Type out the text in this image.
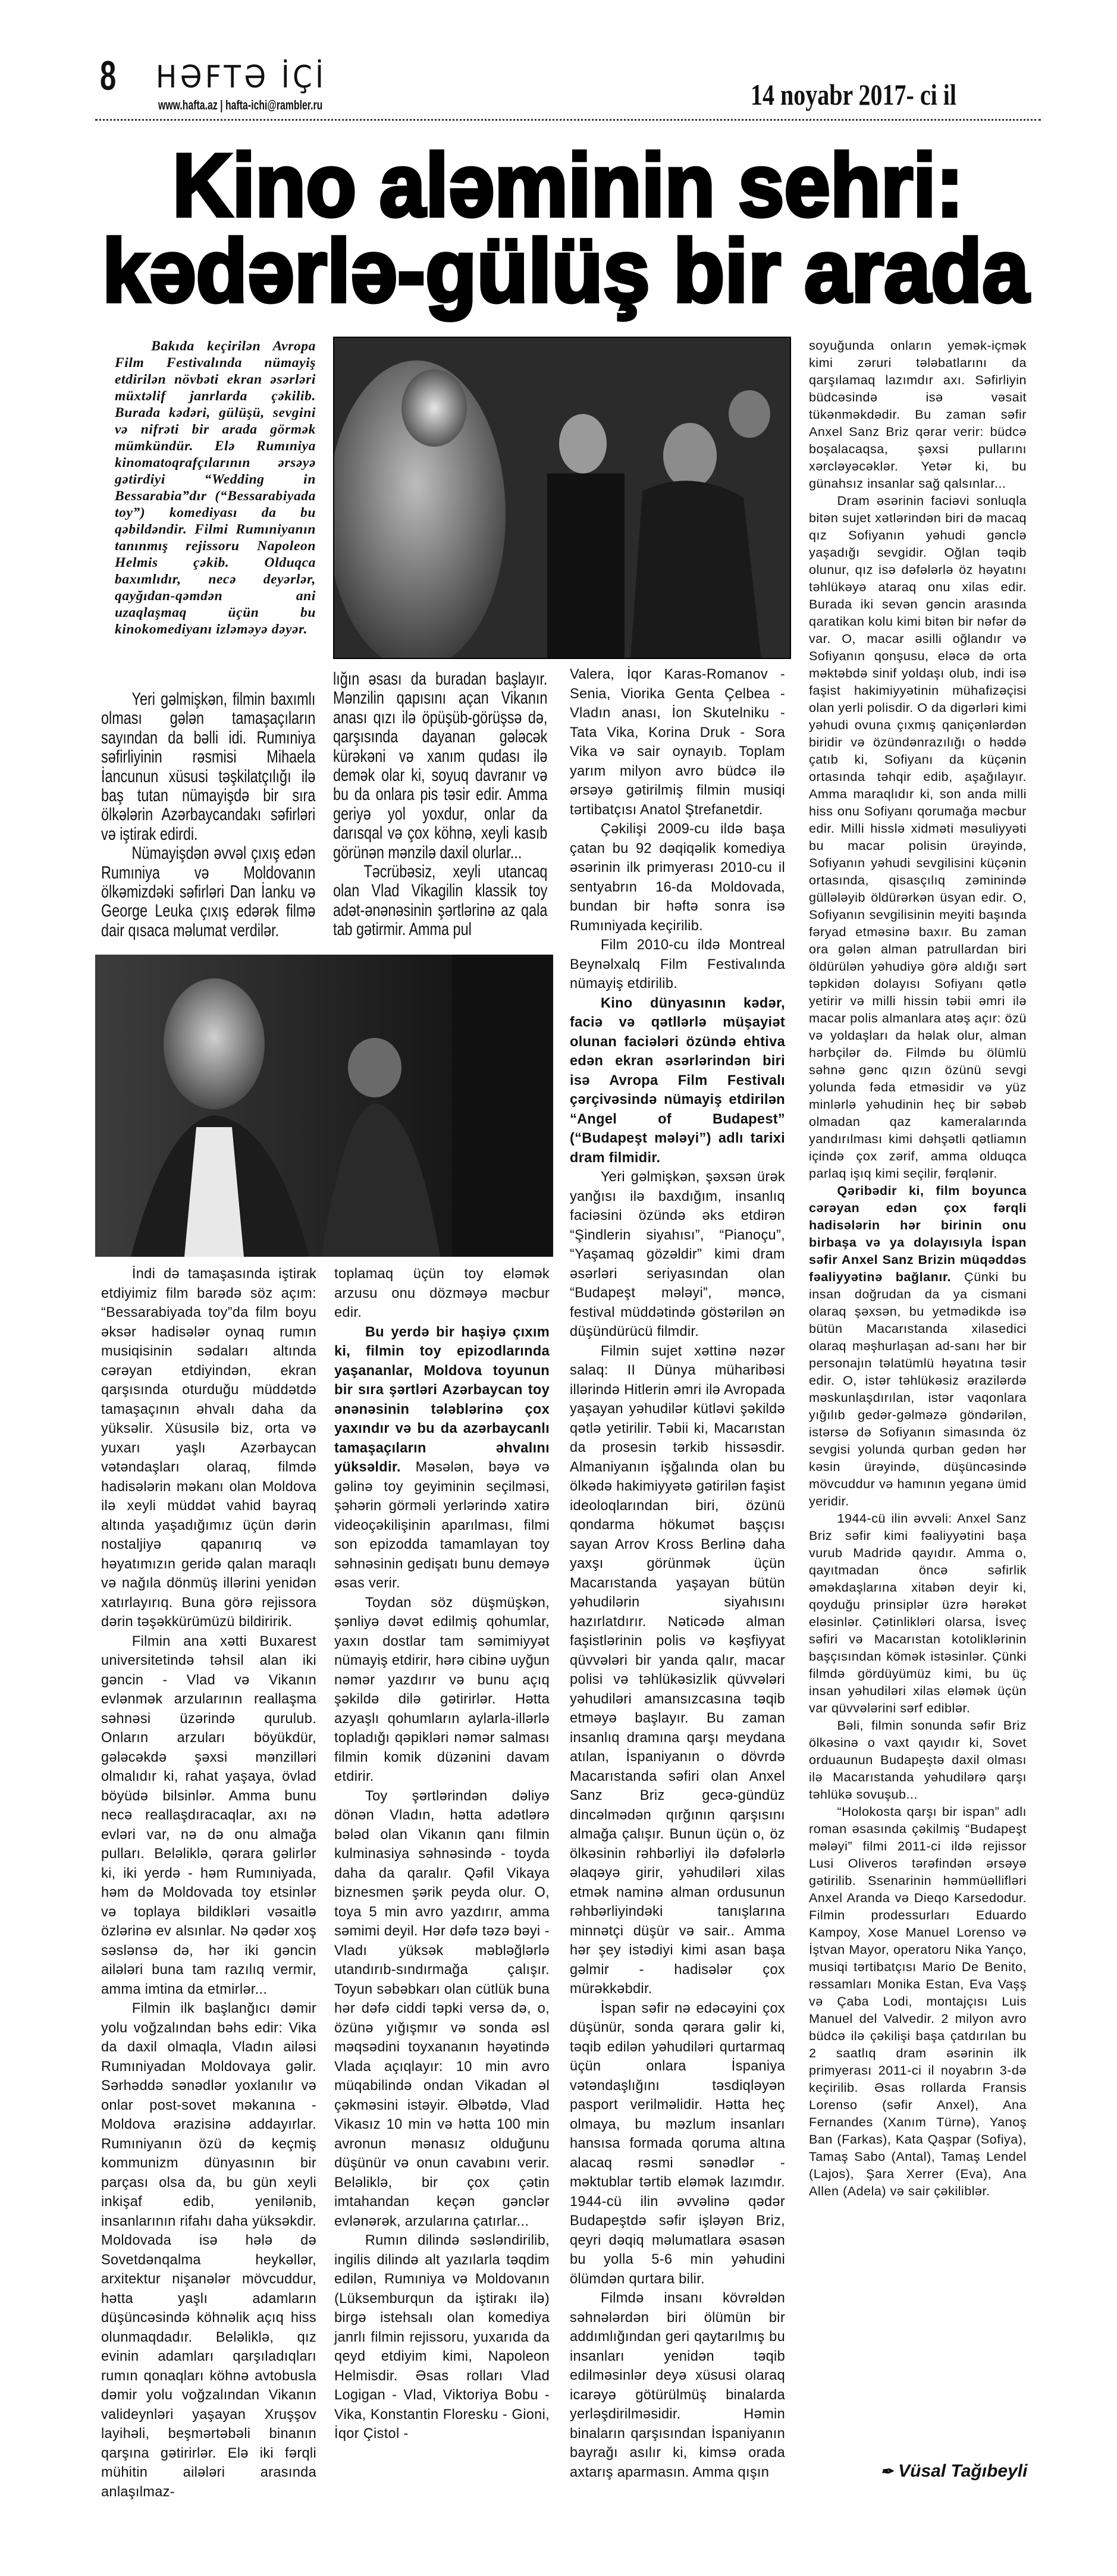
8 HƏFTƏ İÇİ
www.hafta.az | hafta-ichi@rambler.ru	14 noyabr 2017- ci il
Kino aləminin sehri:
kədərlə-gülüş bir arada

Bakıda keçirilən Avropa Film Festivalında nümayiş etdirilən növbəti ekran əsərləri müxtəlif janrlarda çəkilib. Burada kədəri, gülüşü, sevgini və nifrəti bir arada görmək mümkündür. Elə Rumıniya kinomatoqrafçılarının ərsəyə gətirdiyi “Wedding in Bessarabia”dır (“Bessarabiyada toy”) komediyası da bu qəbildəndir. Filmi Rumıniyanın tanınmış rejissoru Napoleon Helmis çəkib. Olduqca baxımlıdır, necə deyərlər, qayğıdan-qəmdən ani uzaqlaşmaq üçün bu kinokomediyanı izləməyə dəyər.

Yeri gəlmişkən, filmin baxımlı olması gələn tamaşaçıların sayından da bəlli idi. Rumıniya səfirliyinin rəsmisi Mihaela İancunun xüsusi təşkilatçılığı ilə baş tutan nümayişdə bir sıra ölkələrin Azərbaycandakı səfirləri və iştirak edirdi.

Nümayişdən əvvəl çıxış edən Rumıniya və Moldovanın ölkəmizdəki səfirləri Dan İanku və George Leuka çıxış edərək filmə dair qısaca məlumat verdilər.

lığın əsası da buradan başlayır. Mənzilin qapısını açan Vikanın anası qızı ilə öpüşüb-görüşsə də, qarşısında dayanan gələcək kürəkəni və xanım qudası ilə demək olar ki, soyuq davranır və bu da onlara pis təsir edir. Amma geriyə yol yoxdur, onlar da darısqal və çox köhnə, xeyli kasıb görünən mənzilə daxil olurlar...

Təcrübəsiz, xeyli utancaq olan Vlad Vikagilin klassik toy adət-ənənəsinin şərtlərinə az qala tab gətirmir. Amma pul

İndi də tamaşasında iştirak etdiyimiz film barədə söz açım: “Bessarabiyada toy”da film boyu əksər hadisələr oynaq rumın musiqisinin sədaları altında cərəyan etdiyindən, ekran qarşısında oturduğu müddətdə tamaşaçının əhvalı daha da yüksəlir. Xüsusilə biz, orta və yuxarı yaşlı Azərbaycan vətəndaşları olaraq, filmdə hadisələrin məkanı olan Moldova ilə xeyli müddət vahid bayraq altında yaşadığımız üçün dərin nostaljiyə qapanırıq və həyatımızın geridə qalan maraqlı və nağıla dönmüş illərini yenidən xatırlayırıq. Buna görə rejissora dərin təşəkkürümüzü bildiririk.

Filmin ana xətti Buxarest universitetində təhsil alan iki gəncin - Vlad və Vikanın evlənmək arzularının reallaşma səhnəsi üzərində qurulub. Onların arzuları böyükdür, gələcəkdə şəxsi mənzilləri olmalıdır ki, rahat yaşaya, övlad böyüdə bilsinlər. Amma bunu necə reallaşdıracaqlar, axı nə evləri var, nə də onu almağa pulları. Beləliklə, qərara gəlirlər ki, iki yerdə - həm Rumıniyada, həm də Moldovada toy etsinlər və toplaya bildikləri vəsaitlə özlərinə ev alsınlar. Nə qədər xoş səslənsə də, hər iki gəncin ailələri buna tam razılıq vermir, amma imtina da etmirlər...

Filmin ilk başlanğıcı dəmir yolu voğzalından bəhs edir: Vika da daxil olmaqla, Vladın ailəsi Rumıniyadan Moldovaya gəlir. Sərhəddə sənədlər yoxlanılır və onlar post-sovet məkanına - Moldova ərazisinə addayırlar. Rumıniyanın özü də keçmiş kommunizm dünyasının bir parçası olsa da, bu gün xeyli inkişaf edib, yenilənib, insanlarının rifahı daha yüksəkdir. Moldovada isə hələ də Sovetdənqalma heykəllər, arxitektur nişanələr mövcuddur, hətta yaşlı adamların düşüncəsində köhnəlik açıq hiss olunmaqdadır. Beləliklə, qız evinin adamları qarşıladıqları rumın qonaqları köhnə avtobusla dəmir yolu voğzalından Vikanın valideynləri yaşayan Xruşşov layihəli, beşmərtəbəli binanın qarşına gətirirlər. Elə iki fərqli mühitin ailələri arasında anlaşılmaz-

toplamaq üçün toy eləmək arzusu onu dözməyə məcbur edir.

Bu yerdə bir haşiyə çıxım ki, filmin toy epizodlarında yaşananlar, Moldova toyunun bir sıra şərtləri Azərbaycan toy ənənəsinin tələblərinə çox yaxındır və bu da azərbaycanlı tamaşaçıların əhvalını yüksəldir. Məsələn, bəyə və gəlinə toy geyiminin seçilməsi, şəhərin görməli yerlərində xatirə videoçəkilişinin aparılması, filmi son epizodda tamamlayan toy səhnəsinin gedişatı bunu deməyə əsas verir.

Toydan söz düşmüşkən, şənliyə dəvət edilmiş qohumlar, yaxın dostlar tam səmimiyyət nümayiş etdirir, hərə cibinə uyğun nəmər yazdırır və bunu açıq şəkildə dilə gətirirlər. Hətta azyaşlı qohumların aylarla-illərlə topladığı qəpikləri nəmər salması filmin komik düzənini davam etdirir.

Toy şərtlərindən dəliyə dönən Vladın, hətta adətlərə bələd olan Vikanın qanı filmin kulminasiya səhnəsində - toyda daha da qaralır. Qəfil Vikaya biznesmen şərik peyda olur. O, toya 5 min avro yazdırır, amma səmimi deyil. Hər dəfə təzə bəyi - Vladı yüksək məbləğlərlə utandırıb-sındırmağa çalışır. Toyun səbəbkarı olan cütlük buna hər dəfə ciddi təpki versə də, o, özünə yığışmır və sonda əsl məqsədini toyxananın həyətində Vlada açıqlayır: 10 min avro müqabilində ondan Vikadan əl çəkməsini istəyir. Əlbətdə, Vlad Vikasız 10 min və hətta 100 min avronun mənasız olduğunu düşünür və onun cavabını verir. Beləliklə, bir çox çətin imtahandan keçən gənclər evlənərək, arzularına çatırlar...

Rumın dilində səsləndirilib, ingilis dilində alt yazılarla təqdim edilən, Rumıniya və Moldovanın (Lüksemburqun da iştirakı ilə) birgə istehsalı olan komediya janrlı filmin rejissoru, yuxarıda da qeyd etdiyim kimi, Napoleon Helmisdir. Əsas rolları Vlad Logigan - Vlad, Viktoriya Bobu - Vika, Konstantin Floresku - Gioni, İqor Çistol -

Valera, İqor Karas-Romanov - Senia, Viorika Genta Çelbea - Vladın anası, İon Skutelniku - Tata Vika, Korina Druk - Sora Vika və sair oynayıb. Toplam yarım milyon avro büdcə ilə ərsəyə gətirilmiş filmin musiqi tərtibatçısı Anatol Ştrefanetdir.

Çəkilişi 2009-cu ildə başa çatan bu 92 dəqiqəlik komediya əsərinin ilk primyerası 2010-cu il sentyabrın 16-da Moldovada, bundan bir həftə sonra isə Rumıniyada keçirilib.

Film 2010-cu ildə Montreal Beynəlxalq Film Festivalında nümayiş etdirilib.

Kino dünyasının kədər, faciə və qətllərlə müşayiət olunan faciələri özündə ehtiva edən ekran əsərlərindən biri isə Avropa Film Festivalı çərçivəsində nümayiş etdirilən “Angel of Budapest” (“Budapeşt mələyi”) adlı tarixi dram filmidir.

Yeri gəlmişkən, şəxsən ürək yanğısı ilə baxdığım, insanlıq faciəsini özündə əks etdirən “Şindlerin siyahısı”, “Pianoçu”, “Yaşamaq gözəldir” kimi dram əsərləri seriyasından olan “Budapeşt mələyi”, məncə, festival müddətində göstərilən ən düşündürücü filmdir.

Filmin sujet xəttinə nəzər salaq: II Dünya müharibəsi illərində Hitlerin əmri ilə Avropada yaşayan yəhudilər kütləvi şəkildə qətlə yetirilir. Təbii ki, Macarıstan da prosesin tərkib hissəsdir. Almaniyanın işğalında olan bu ölkədə hakimiyyətə gətirilən faşist ideoloqlarından biri, özünü qondarma hökumət başçısı sayan Arrov Kross Berlinə daha yaxşı görünmək üçün Macarıstanda yaşayan bütün yəhudilərin siyahısını hazırlatdırır. Nəticədə alman faşistlərinin polis və kəşfiyyat qüvvələri bir yanda qalır, macar polisi və təhlükəsizlik qüvvələri yəhudiləri amansızcasına təqib etməyə başlayır. Bu zaman insanlıq dramına qarşı meydana atılan, İspaniyanın o dövrdə Macarıstanda səfiri olan Anxel Sanz Briz gecə-gündüz dincəlmədən qırğının qarşısını almağa çalışır. Bunun üçün o, öz ölkəsinin rəhbərliyi ilə dəfələrlə əlaqəyə girir, yəhudiləri xilas etmək naminə alman ordusunun rəhbərliyindəki tanışlarına minnətçi düşür və sair.. Amma hər şey istədiyi kimi asan başa gəlmir - hadisələr çox mürəkkəbdir.

İspan səfir nə edəcəyini çox düşünür, sonda qərara gəlir ki, təqib edilən yəhudiləri qurtarmaq üçün onlara İspaniya vətəndaşlığını təsdiqləyən pasport verilməlidir. Hətta heç olmaya, bu məzlum insanları hansısa formada qoruma altına alacaq rəsmi sənədlər - məktublar tərtib eləmək lazımdır. 1944-cü ilin əvvəlinə qədər Budapeştdə səfir işləyən Briz, qeyri dəqiq məlumatlara əsasən bu yolla 5-6 min yəhudini ölümdən qurtara bilir.

Filmdə insanı kövrəldən səhnələrdən biri ölümün bir addımlığından geri qaytarılmış bu insanları yenidən təqib edilməsinlər deyə xüsusi olaraq icarəyə götürülmüş binalarda yerləşdirilməsidir. Həmin binaların qarşısından İspaniyanın bayrağı asılır ki, kimsə orada axtarış aparmasın. Amma qışın

soyuğunda onların yemək-içmək kimi zəruri tələbatlarını da qarşılamaq lazımdır axı. Səfirliyin büdcəsində isə vəsait tükənməkdədir. Bu zaman səfir Anxel Sanz Briz qərar verir: büdcə boşalacaqsa, şəxsi pullarını xərcləyəcəklər. Yetər ki, bu günahsız insanlar sağ qalsınlar...

Dram əsərinin faciəvi sonluqla bitən sujet xətlərindən biri də macaq qız Sofiyanın yəhudi gənclə yaşadığı sevgidir. Oğlan təqib olunur, qız isə dəfələrlə öz həyatını təhlükəyə ataraq onu xilas edir. Burada iki sevən gəncin arasında qaratikan kolu kimi bitən bir nəfər də var. O, macar əsilli oğlandır və Sofiyanın qonşusu, eləcə də orta məktəbdə sinif yoldaşı olub, indi isə faşist hakimiyyətinin mühafizəçisi olan yerli polisdir. O da digərləri kimi yəhudi ovuna çıxmış qaniçənlərdən biridir və özündənrazılığı o həddə çatıb ki, Sofiyanı da küçənin ortasında təhqir edib, aşağılayır. Amma maraqlıdır ki, son anda milli hiss onu Sofiyanı qorumağa məcbur edir. Milli hisslə xidməti məsuliyyəti bu macar polisin ürəyində, Sofiyanın yəhudi sevgilisini küçənin ortasında, qisasçılıq zəminində güllələyib öldürərkən üsyan edir. O, Sofiyanın sevgilisinin meyiti başında fəryad etməsinə baxır. Bu zaman ora gələn alman patrullardan biri öldürülən yəhudiyə görə aldığı sərt təpkidən dolayısı Sofiyanı qətlə yetirir və milli hissin təbii əmri ilə macar polis almanlara atəş açır: özü və yoldaşları da həlak olur, alman hərbçilər də. Filmdə bu ölümlü səhnə gənc qızın özünü sevgi yolunda fəda etməsidir və yüz minlərlə yəhudinin heç bir səbəb olmadan qaz kameralarında yandırılması kimi dəhşətli qətliamın içində çox zərif, amma olduqca parlaq işıq kimi seçilir, fərqlənir.

Qəribədir ki, film boyunca cərəyan edən çox fərqli hadisələrin hər birinin onu birbaşa və ya dolayısıyla İspan səfir Anxel Sanz Brizin müqəddəs fəaliyyətinə bağlanır. Çünki bu insan doğrudan da ya cismani olaraq şəxsən, bu yetmədikdə isə bütün Macarıstanda xilasedici olaraq məşhurlaşan ad-sanı hər bir personajın təlatümlü həyatına təsir edir. O, istər təhlükəsiz ərazilərdə məskunlaşdırılan, istər vaqonlara yığılıb gedər-gəlməzə göndərilən, istərsə də Sofiyanın simasında öz sevgisi yolunda qurban gedən hər kəsin ürəyində, düşüncəsində mövcuddur və hamının yeganə ümid yeridir.

1944-cü ilin əvvəli: Anxel Sanz Briz səfir kimi fəaliyyətini başa vurub Madridə qayıdır. Amma o, qayıtmadan öncə səfirlik əməkdaşlarına xitabən deyir ki, qoyduğu prinsiplər üzrə hərəkət eləsinlər. Çətinlikləri olarsa, İsveç səfiri və Macarıstan kotoliklərinin başçısından kömək istəsinlər. Çünki filmdə gördüyümüz kimi, bu üç insan yəhudiləri xilas eləmək üçün var qüvvələrini sərf ediblər.

Bəli, filmin sonunda səfir Briz ölkəsinə o vaxt qayıdır ki, Sovet orduaunun Budapeştə daxil olması ilə Macarıstanda yəhudilərə qarşı təhlükə sovuşub...

“Holokosta qarşı bir ispan” adlı roman əsasında çəkilmiş “Budapeşt mələyi” filmi 2011-ci ildə rejissor Lusi Oliveros tərəfindən ərsəyə gətirilib. Ssenarinin həmmüəllifləri Anxel Aranda və Dieqo Karsedodur. Filmin prodessurları Eduardo Kampoy, Xose Manuel Lorenso və İştvan Mayor, operatoru Nika Yanço, musiqi tərtibatçısı Mario De Benito, rəssamları Monika Estan, Eva Vaşş və Çaba Lodi, montajçısı Luis Manuel del Valvedir. 2 milyon avro büdcə ilə çəkilişi başa çatdırılan bu 2 saatlıq dram əsərinin ilk primyerası 2011-ci il noyabrın 3-də keçirilib. Əsas rollarda Fransis Lorenso (səfir Anxel), Ana Fernandes (Xanım Türnə), Yanoş Ban (Farkas), Kata Qaşpar (Sofiya), Tamaş Sabo (Antal), Tamaş Lendel (Lajos), Şara Xerrer (Eva), Ana Allen (Adela) və sair çəkiliblər.

✒ Vüsal Tağıbeyli
